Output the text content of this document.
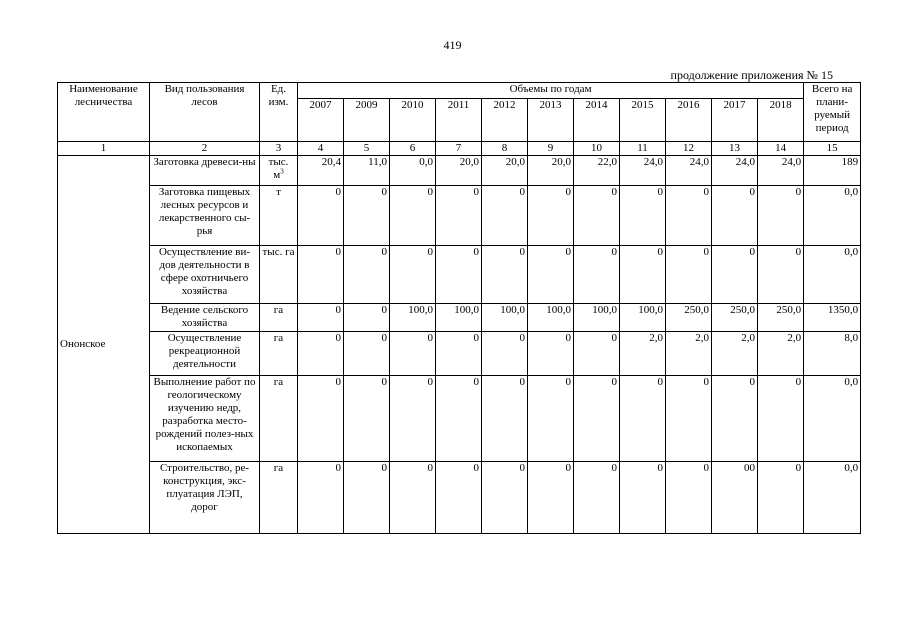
419
продолжение приложения № 15
Наименование лесничества	Вид пользования лесов	Ед. изм.	Объемы по годам											Всего на плани-руемый период
			2007	2009	2010	2011	2012	2013	2014	2015	2016	2017	2018	
1	2	3	4	5	6	7	8	9	10	11	12	13	14	15
Ононское	Заготовка древеси-ны	тыс. $м^3$	20,4	11,0	0,0	20,0	20,0	20,0	22,0	24,0	24,0	24,0	24,0	189
	Заготовка пищевых лесных ресурсов и лекарственного сы-рья	т	0	0	0	0	0	0	0	0	0	0	0	0,0
	Осуществление ви-дов деятельности в сфере охотничьего хозяйства	тыс. га	0	0	0	0	0	0	0	0	0	0	0	0,0
	Ведение сельского хозяйства	га	0	0	100,0	100,0	100,0	100,0	100,0	100,0	250,0	250,0	250,0	1350,0
	Осуществление рекреационной деятельности	га	0	0	0	0	0	0	0	2,0	2,0	2,0	2,0	8,0
	Выполнение работ по геологическому изучению недр, разработка место-рождений полез-ных ископаемых	га	0	0	0	0	0	0	0	0	0	0	0	0,0
	Строительство, ре-конструкция, экс-плуатация ЛЭП, дорог	га	0	0	0	0	0	0	0	0	0	00	0	0,0
